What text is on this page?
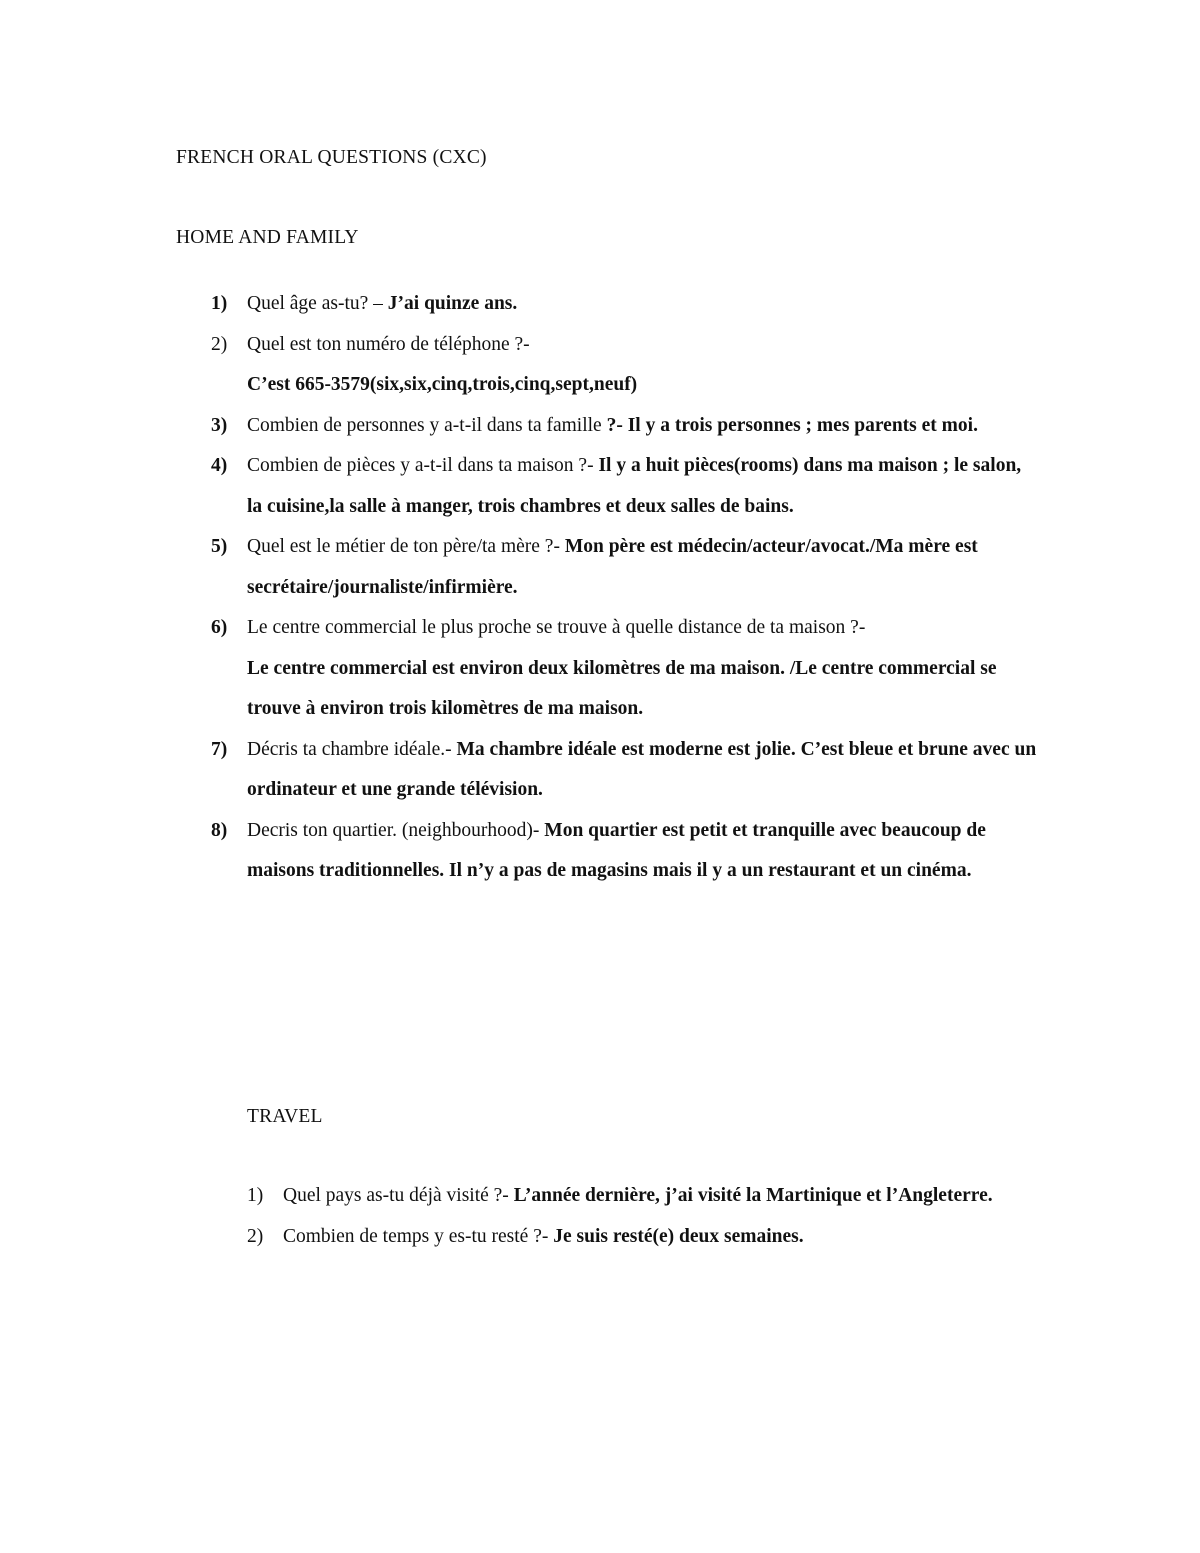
FRENCH ORAL QUESTIONS (CXC)
HOME AND FAMILY
1) Quel âge as-tu? – J’ai quinze ans.
2) Quel est ton numéro de téléphone ?-
C’est 665-3579(six,six,cinq,trois,cinq,sept,neuf)
3) Combien de personnes y a-t-il dans ta famille ?- Il y a trois personnes ; mes parents et moi.
4) Combien de pièces y a-t-il dans ta maison ?- Il y a huit pièces(rooms) dans ma maison ; le salon, la cuisine,la salle à manger, trois chambres et deux salles de bains.
5) Quel est le métier de ton père/ta mère ?- Mon père est médecin/acteur/avocat./Ma mère est secrétaire/journaliste/infirmière.
6) Le centre commercial le plus proche se trouve à quelle distance de ta maison ?-
Le centre commercial est environ deux kilomètres de ma maison. /Le centre commercial se trouve à environ trois kilomètres de ma maison.
7) Décris ta chambre idéale.- Ma chambre idéale est moderne est jolie. C’est bleue et brune avec un ordinateur et une grande télévision.
8) Decris ton quartier. (neighbourhood)- Mon quartier est petit et tranquille avec beaucoup de maisons traditionnelles. Il n’y a pas de magasins mais il y a un restaurant et un cinéma.
TRAVEL
1) Quel pays as-tu déjà visité ?- L’année dernière, j’ai visité la Martinique et l’Angleterre.
2) Combien de temps y es-tu resté ?- Je suis resté(e) deux semaines.
